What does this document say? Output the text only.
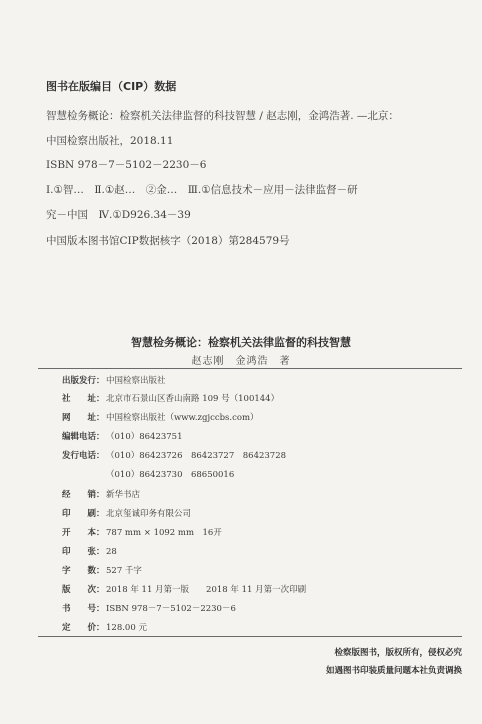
图书在版编目（CIP）数据
智慧检务概论：检察机关法律监督的科技智慧 / 赵志刚，金鸿浩著. —北京：
中国检察出版社，2018.11
ISBN 978－7－5102－2230－6
Ⅰ.①智…　Ⅱ.①赵…　②金…　Ⅲ.①信息技术－应用－法律监督－研
究－中国　Ⅳ.①D926.34－39
中国版本图书馆CIP数据核字（2018）第284579号
智慧检务概论：检察机关法律监督的科技智慧
赵志刚　金鸿浩　著
出版发行：中国检察出版社
社　　址：北京市石景山区香山南路 109 号（100144）
网　　址：中国检察出版社（www.zgjccbs.com）
编辑电话：（010）86423751
发行电话：（010）86423726　86423727　86423728
（010）86423730　68650016
经　　销：新华书店
印　　刷：北京玺诚印务有限公司
开　　本：787 mm × 1092 mm　16开
印　　张：28
字　　数：527 千字
版　　次：2018 年 11 月第一版　　2018 年 11 月第一次印刷
书　　号：ISBN 978－7－5102－2230－6
定　　价：128.00 元
检察版图书，版权所有，侵权必究
如遇图书印装质量问题本社负责调换
